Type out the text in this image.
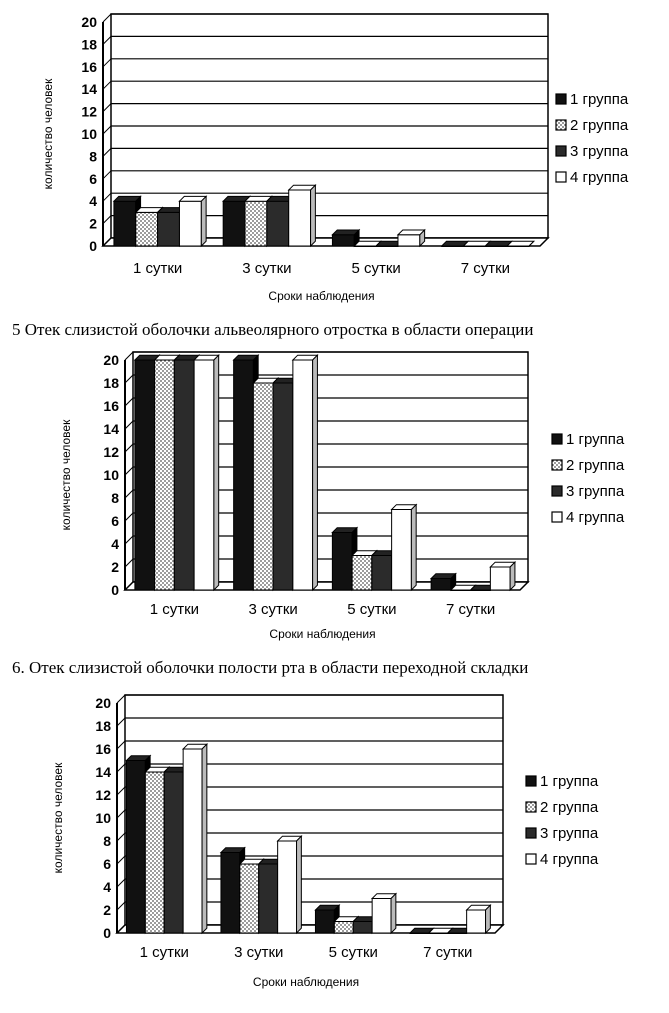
0
2
4
6
8
10
12
14
16
18
20
1 сутки	3 сутки	5 сутки	7 сутки
Сроки наблюдения
количество человек	1 группа
2 группа
3 группа
4 группа
5 Отек слизистой оболочки альвеолярного отростка в области операции
0
2
4
6
8
10
12
14
16
18
20
1 сутки	3 сутки	5 сутки	7 сутки
Сроки наблюдения
количество человек	1 группа
2 группа
3 группа
4 группа
6. Отек слизистой оболочки полости рта в области переходной складки
0
2
4
6
8
10
12
14
16
18
20
1 сутки	3 сутки	5 сутки	7 сутки
Сроки наблюдения
количество человек	1 группа
2 группа
3 группа
4 группа
